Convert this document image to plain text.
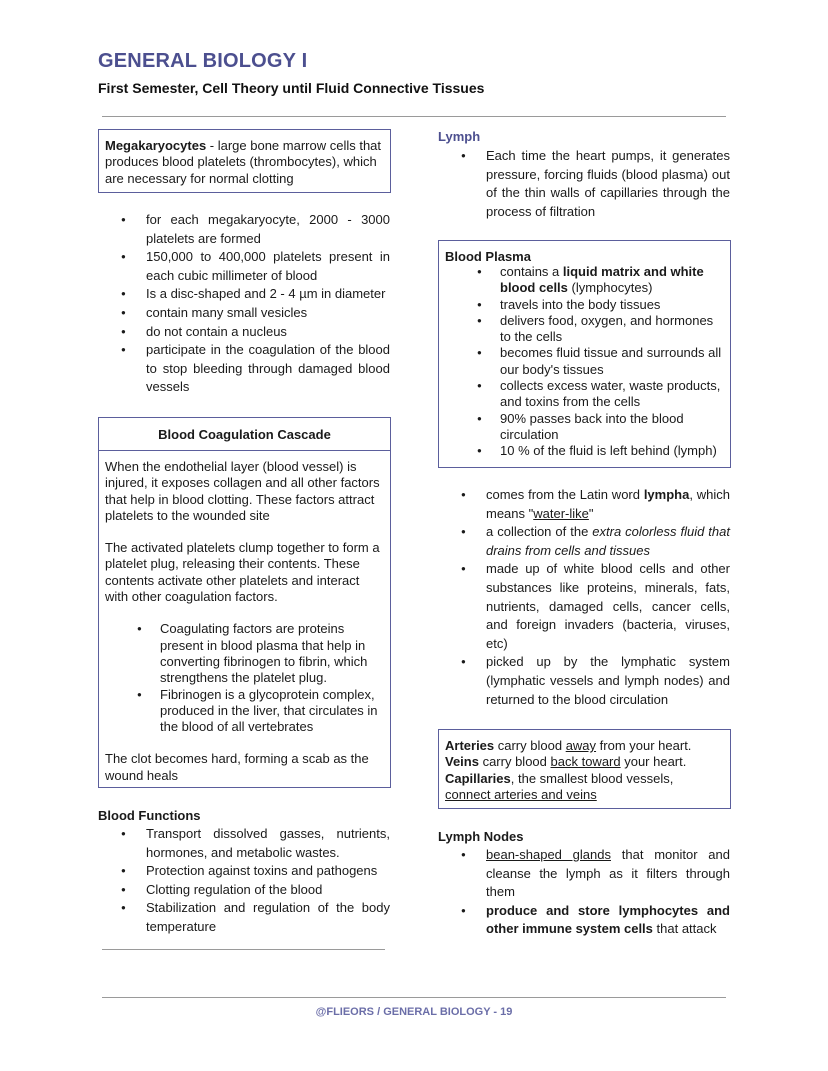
GENERAL BIOLOGY I
First Semester, Cell Theory until Fluid Connective Tissues
Megakaryocytes - large bone marrow cells that produces blood platelets (thrombocytes), which are necessary for normal clotting
● for each megakaryocyte, 2000 - 3000 platelets are formed
● 150,000 to 400,000 platelets present in each cubic millimeter of blood
● Is a disc-shaped and 2 - 4 µm in diameter
● contain many small vesicles
● do not contain a nucleus
● participate in the coagulation of the blood to stop bleeding through damaged blood vessels
Blood Coagulation Cascade
When the endothelial layer (blood vessel) is injured, it exposes collagen and all other factors that help in blood clotting. These factors attract platelets to the wounded site
The activated platelets clump together to form a platelet plug, releasing their contents. These contents activate other platelets and interact with other coagulation factors.
● Coagulating factors are proteins present in blood plasma that help in converting fibrinogen to fibrin, which strengthens the platelet plug.
● Fibrinogen is a glycoprotein complex, produced in the liver, that circulates in the blood of all vertebrates
The clot becomes hard, forming a scab as the wound heals
Blood Functions
● Transport dissolved gasses, nutrients, hormones, and metabolic wastes.
● Protection against toxins and pathogens
● Clotting regulation of the blood
● Stabilization and regulation of the body temperature
Lymph
● Each time the heart pumps, it generates pressure, forcing fluids (blood plasma) out of the thin walls of capillaries through the process of filtration
Blood Plasma
● contains a liquid matrix and white blood cells (lymphocytes)
● travels into the body tissues
● delivers food, oxygen, and hormones to the cells
● becomes fluid tissue and surrounds all our body's tissues
● collects excess water, waste products, and toxins from the cells
● 90% passes back into the blood circulation
● 10 % of the fluid is left behind (lymph)
● comes from the Latin word lympha, which means "water-like"
● a collection of the extra colorless fluid that drains from cells and tissues
● made up of white blood cells and other substances like proteins, minerals, fats, nutrients, damaged cells, cancer cells, and foreign invaders (bacteria, viruses, etc)
● picked up by the lymphatic system (lymphatic vessels and lymph nodes) and returned to the blood circulation
Arteries carry blood away from your heart.
Veins carry blood back toward your heart.
Capillaries, the smallest blood vessels,
connect arteries and veins
Lymph Nodes
● bean-shaped glands that monitor and cleanse the lymph as it filters through them
● produce and store lymphocytes and other immune system cells that attack
@FLIEORS / GENERAL BIOLOGY - 19
